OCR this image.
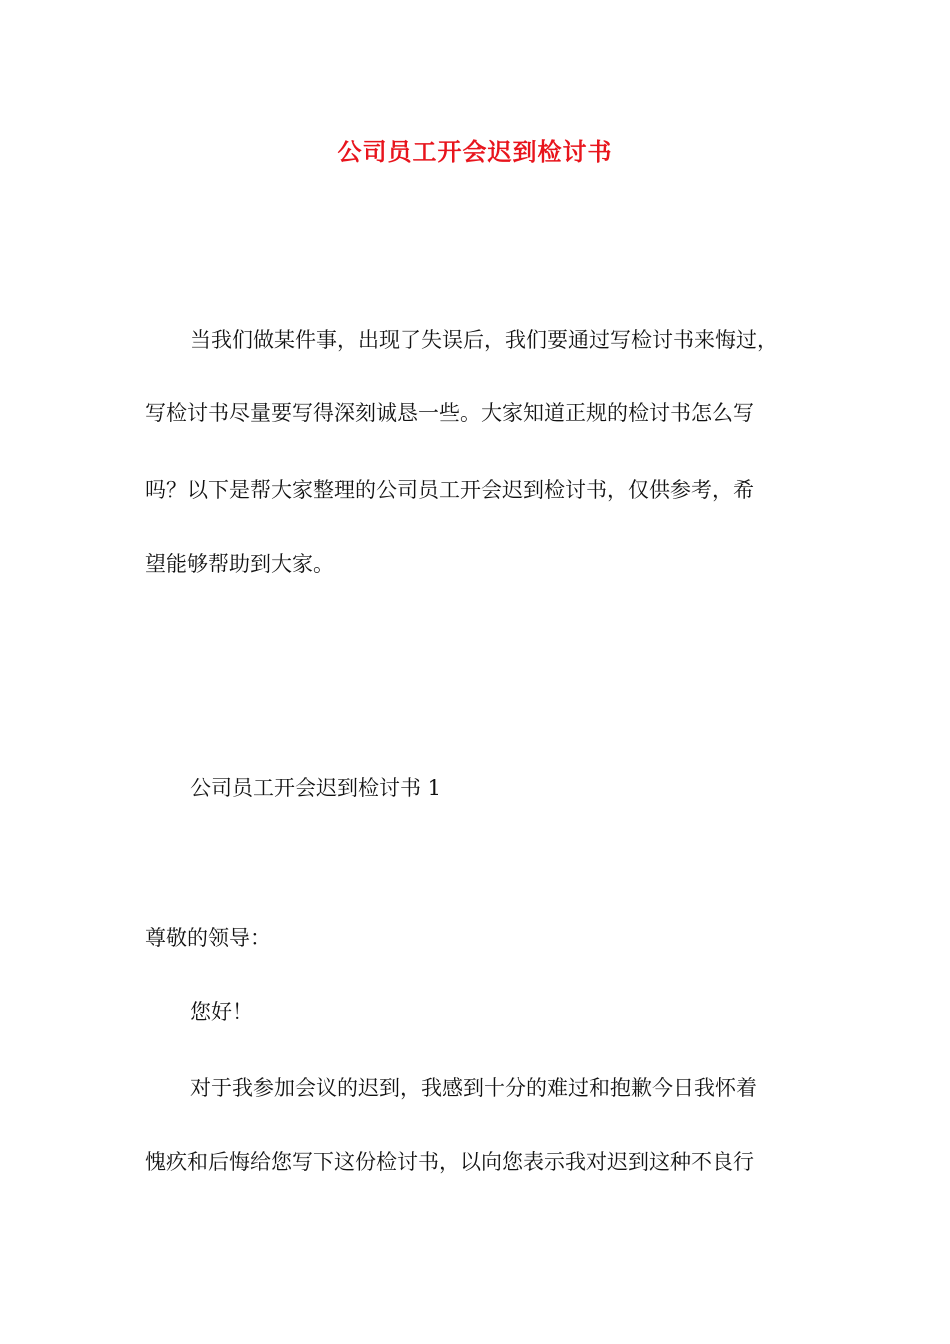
公司员工开会迟到检讨书

当我们做某件事，出现了失误后，我们要通过写检讨书来悔过，

写检讨书尽量要写得深刻诚恳一些。大家知道正规的检讨书怎么写

吗？以下是帮大家整理的公司员工开会迟到检讨书，仅供参考，希

望能够帮助到大家。

公司员工开会迟到检讨书 1

尊敬的领导：

您好！

对于我参加会议的迟到，我感到十分的难过和抱歉今日我怀着

愧疚和后悔给您写下这份检讨书，以向您表示我对迟到这种不良行
